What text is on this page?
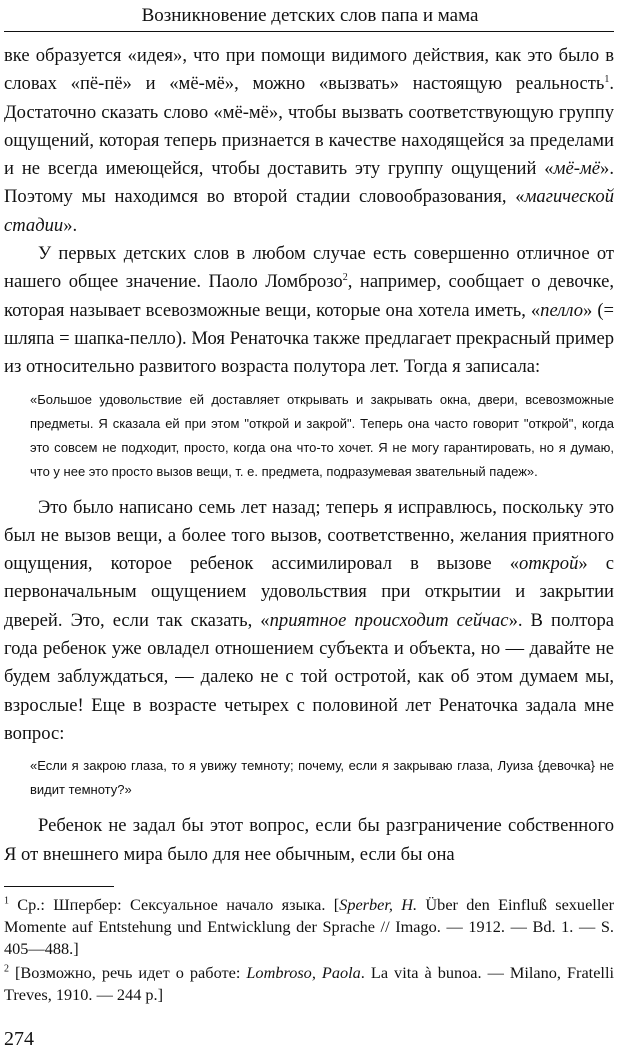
Возникновение детских слов папа и мама

вке образуется «идея», что при помощи видимого действия, как это было в словах «пё-пё» и «мё-мё», можно «вызвать» настоящую реальность$^1$. Достаточно сказать слово «мё-мё», чтобы вызвать соответствующую группу ощущений, которая теперь признается в качестве находящейся за пределами и не всегда имеющейся, чтобы доставить эту группу ощущений «мё-мё». Поэтому мы находимся во второй стадии словообразования, «магической стадии».

У первых детских слов в любом случае есть совершенно отличное от нашего общее значение. Паоло Ломброзо$^2$, например, сообщает о девочке, которая называет всевозможные вещи, которые она хотела иметь, «пелло» (= шляпа = шапка-пелло). Моя Ренаточка также предлагает прекрасный пример из относительно развитого возраста полутора лет. Тогда я записала:

«Большое удовольствие ей доставляет открывать и закрывать окна, двери, всевозможные предметы. Я сказала ей при этом "открой и закрой". Теперь она часто говорит "открой", когда это совсем не подходит, просто, когда она что-то хочет. Я не могу гарантировать, но я думаю, что у нее это просто вызов вещи, т. е. предмета, подразумевая звательный падеж».

Это было написано семь лет назад; теперь я исправлюсь, поскольку это был не вызов вещи, а более того вызов, соответственно, желания приятного ощущения, которое ребенок ассимилировал в вызове «открой» с первоначальным ощущением удовольствия при открытии и закрытии дверей. Это, если так сказать, «приятное происходит сейчас». В полтора года ребенок уже овладел отношением субъекта и объекта, но — давайте не будем заблуждаться, — далеко не с той остротой, как об этом думаем мы, взрослые! Еще в возрасте четырех с половиной лет Ренаточка задала мне вопрос:

«Если я закрою глаза, то я увижу темноту; почему, если я закрываю глаза, Луиза {девочка} не видит темноту?»

Ребенок не задал бы этот вопрос, если бы разграничение собственного Я от внешнего мира было для нее обычным, если бы она

$^1$ Ср.: Шпербер: Сексуальное начало языка. [Sperber, H. Über den Einfluß sexueller Momente auf Entstehung und Entwicklung der Sprache // Imago. — 1912. — Bd. 1. — S. 405—488.]

$^2$ [Возможно, речь идет о работе: Lombroso, Paola. La vita à bunoa. — Milano, Fratelli Treves, 1910. — 244 p.]

274
